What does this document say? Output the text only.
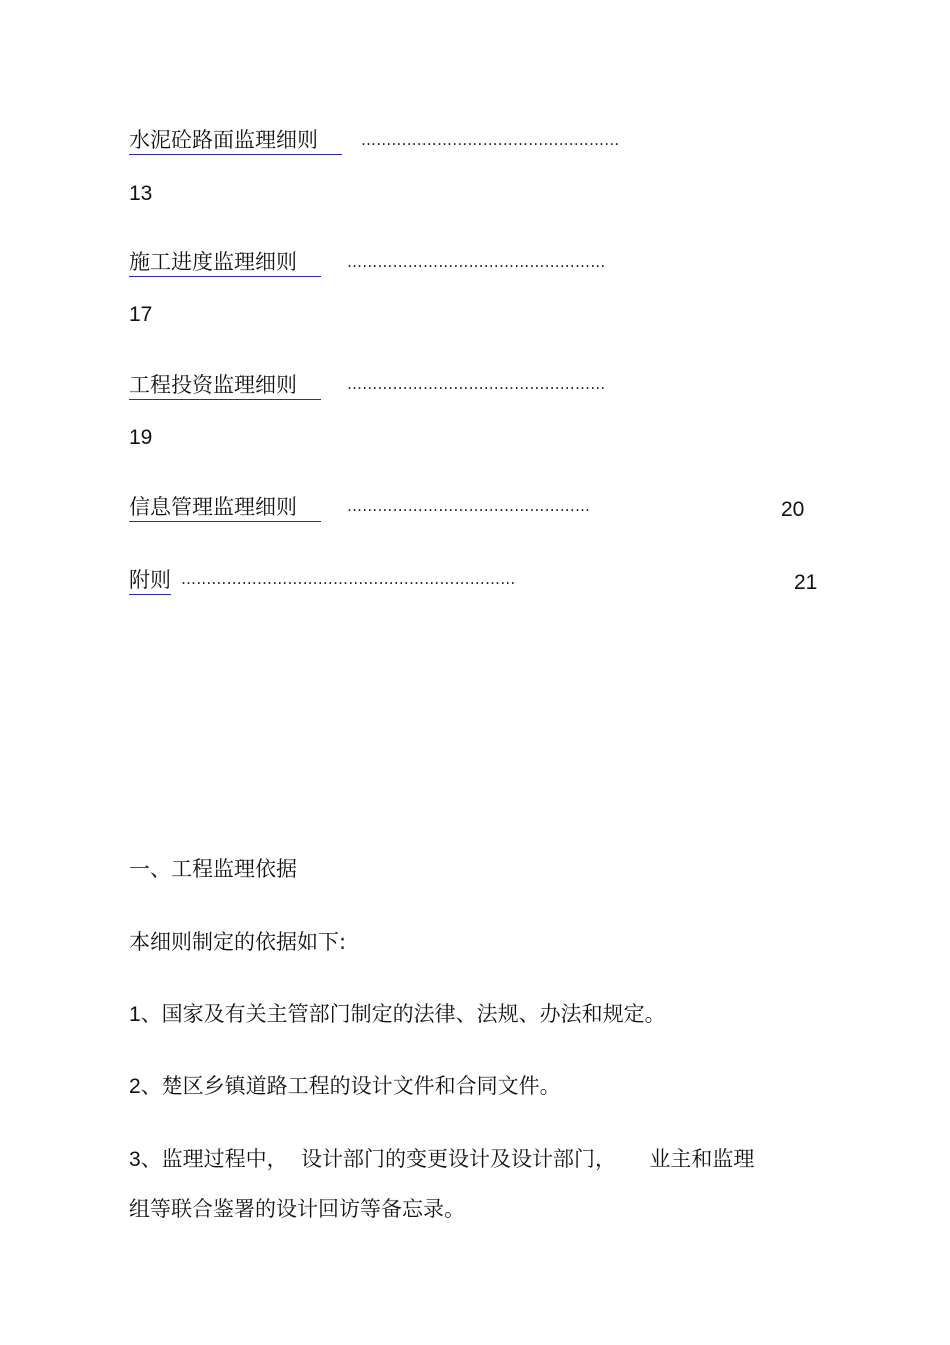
水泥砼路面监理细则	……………………………………………
13
施工进度监理细则	……………………………………………
17
工程投资监理细则	……………………………………………
19
信息管理监理细则	…………………………………………	20
附则 …………………………………………………………	21
一、工程监理依据
本细则制定的依据如下:
1、国家及有关主管部门制定的法律、法规、办法和规定。
2、楚区乡镇道路工程的设计文件和合同文件。
3、监理过程中，  设计部门的变更设计及设计部门，     业主和监理
组等联合鉴署的设计回访等备忘录。
